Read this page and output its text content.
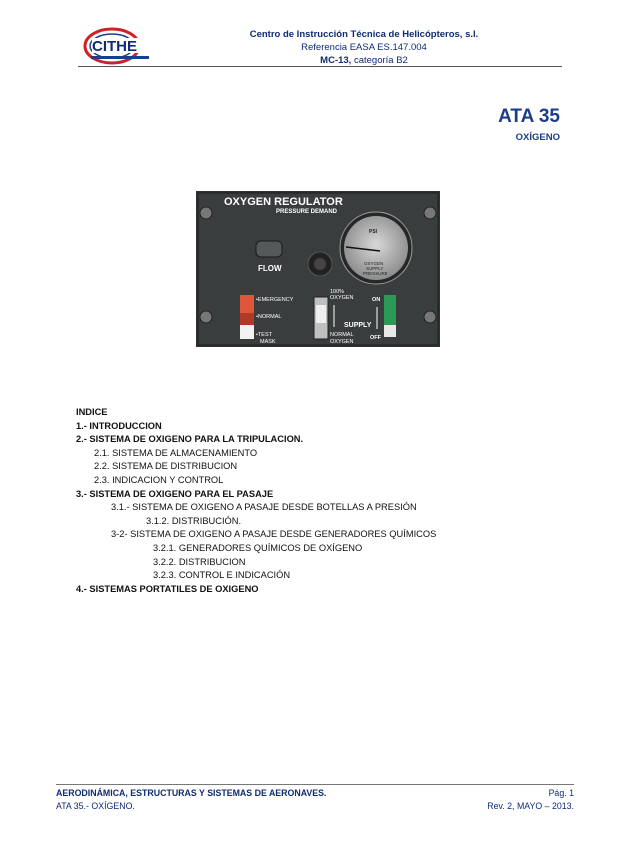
CITHE
Centro de Instrucción Técnica de Helicópteros, s.l.
Referencia EASA ES.147.004
MC-13, categoría B2
ATA 35
OXÍGENO
OXYGEN REGULATOR
PRESSURE DEMAND
FLOW
PSI
OXYGEN
SUPPLY
PRESSURE
•EMERGENCY
•NORMAL
•TEST
MASK
100%
OXYGEN
NORMAL
OXYGEN
ON
SUPPLY
OFF
INDICE
1.- INTRODUCCION
2.- SISTEMA DE OXIGENO PARA LA TRIPULACION.
2.1. SISTEMA DE ALMACENAMIENTO
2.2. SISTEMA DE DISTRIBUCION
2.3. INDICACION Y CONTROL
3.- SISTEMA DE OXIGENO PARA EL PASAJE
3.1.- SISTEMA DE OXIGENO A PASAJE DESDE BOTELLAS A PRESIÓN
3.1.2. DISTRIBUCIÓN.
3-2- SISTEMA DE OXIGENO A PASAJE DESDE GENERADORES QUÍMICOS
3.2.1. GENERADORES QUÍMICOS DE OXÍGENO
3.2.2. DISTRIBUCION
3.2.3. CONTROL E INDICACIÓN
4.- SISTEMAS PORTATILES DE OXIGENO
AERODINÁMICA, ESTRUCTURAS Y SISTEMAS DE AERONAVES.
ATA 35.- OXÍGENO.
Pág. 1
Rev. 2, MAYO – 2013.
